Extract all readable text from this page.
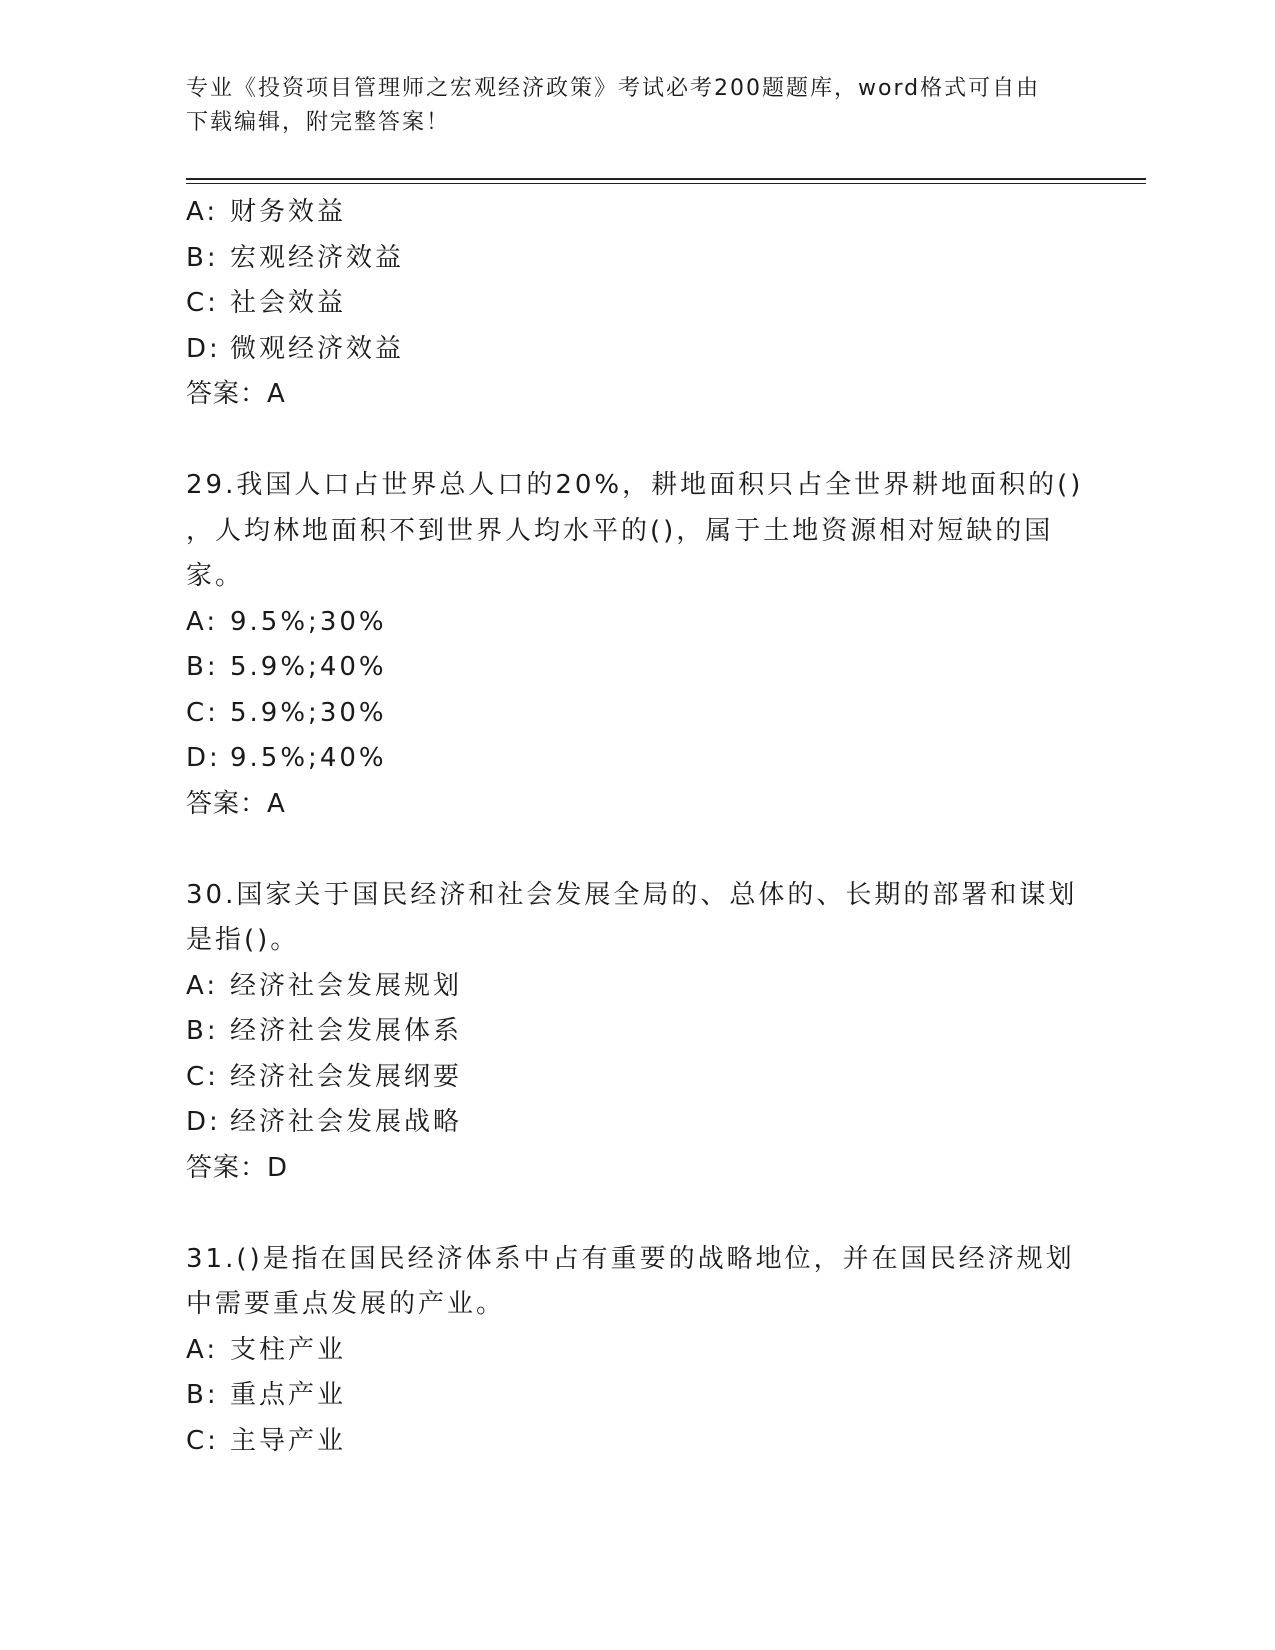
专业《投资项目管理师之宏观经济政策》考试必考200题题库，word格式可自由
下载编辑，附完整答案！
A: 财务效益
B: 宏观经济效益
C: 社会效益
D: 微观经济效益
答案：A
29.我国人口占世界总人口的20%，耕地面积只占全世界耕地面积的()
，人均林地面积不到世界人均水平的()，属于土地资源相对短缺的国
家。
A: 9.5%;30%
B: 5.9%;40%
C: 5.9%;30%
D: 9.5%;40%
答案：A
30.国家关于国民经济和社会发展全局的、总体的、长期的部署和谋划
是指()。
A: 经济社会发展规划
B: 经济社会发展体系
C: 经济社会发展纲要
D: 经济社会发展战略
答案：D
31.()是指在国民经济体系中占有重要的战略地位，并在国民经济规划
中需要重点发展的产业。
A: 支柱产业
B: 重点产业
C: 主导产业
